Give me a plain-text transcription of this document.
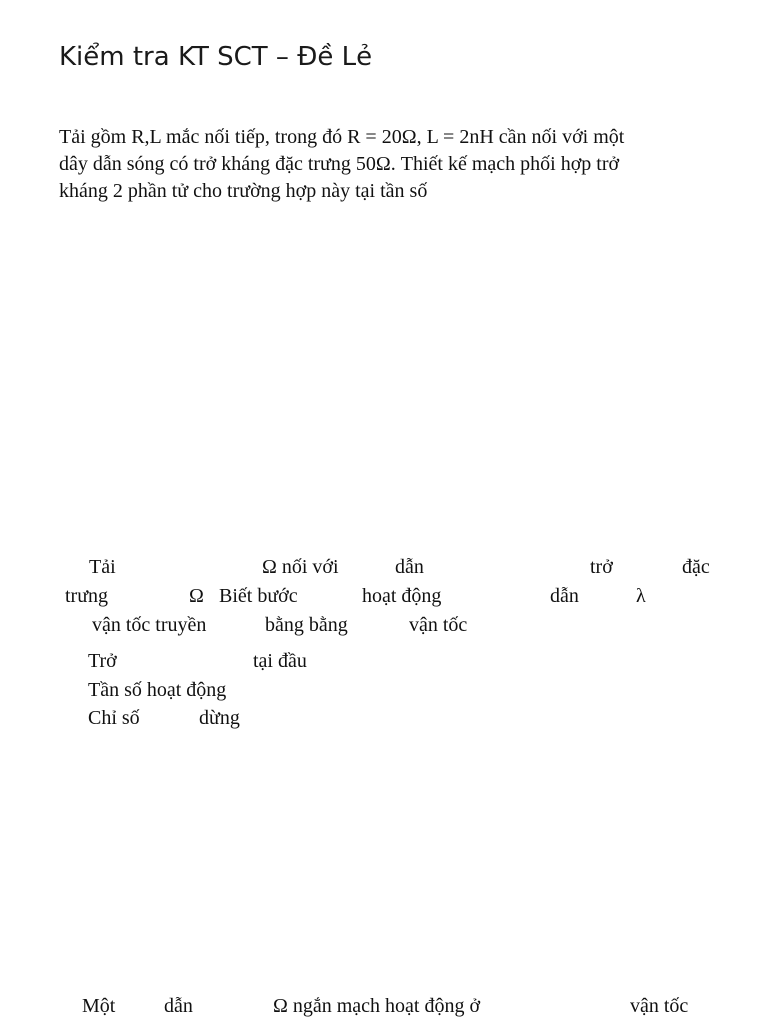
Kiểm tra KT SCT – Đề Lẻ
Tải gồm R,L mắc nối tiếp, trong đó R = 20Ω, L = 2nH cần nối với một
dây dẫn sóng có trở kháng đặc trưng 50Ω. Thiết kế mạch phối hợp trở
kháng 2 phần tử cho trường hợp này tại tần số
Tải	Ω nối với	dẫn	trở	đặc
trưng	Ω Biết bước	hoạt động	dẫn	λ
vận tốc truyền	bằng bằng	vận tốc
Trở	tại đầu
Tần số hoạt động
Chỉ số	dừng
Một dẫn	Ω ngắn mạch hoạt động ở	vận tốc
